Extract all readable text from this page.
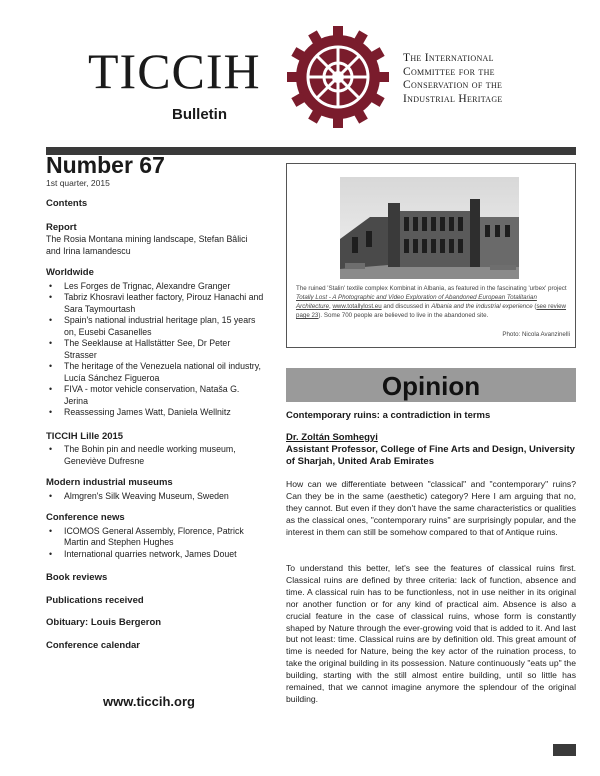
TICCIH
Bulletin
The International
Committee for the
Conservation of the
Industrial Heritage
Number 67
1st quarter, 2015
Contents
Report
The Rosia Montana mining landscape, Stefan Bâlici and Irina Iamandescu
Worldwide
• Les Forges de Trignac, Alexandre Granger
• Tabriz Khosravi leather factory, Pirouz Hanachi and Sara Taymourtash
• Spain's national industrial heritage plan, 15 years on, Eusebi Casanelles
• The Seeklause at Hallstätter See, Dr Peter Strasser
• The heritage of the Venezuela national oil industry, Lucía Sánchez Figueroa
• FIVA - motor vehicle conservation, Nataša G. Jerina
• Reassessing James Watt, Daniela Wellnitz
TICCIH Lille 2015
• The Bohin pin and needle working museum, Geneviève Dufresne
Modern industrial museums
• Almgren's Silk Weaving Museum, Sweden
Conference news
• ICOMOS General Assembly, Florence, Patrick Martin and Stephen Hughes
• International quarries network, James Douet
Book reviews
Publications received
Obituary: Louis Bergeron
Conference calendar
www.ticcih.org
The ruined 'Stalin' textile complex Kombinat in Albania, as featured in the fascinating 'urbex' project Totally Lost - A Photographic and Video Exploration of Abandoned European Totalitarian Architecture, www.totallylost.eu and discussed in Albania and the industrial experience (see review page 23). Some 700 people are believed to live in the abandoned site.
Photo: Nicola Avanzinelli
Opinion
Contemporary ruins: a contradiction in terms
Dr. Zoltán Somhegyi
Assistant Professor, College of Fine Arts and Design, University of Sharjah, United Arab Emirates
How can we differentiate between "classical" and "contemporary" ruins? Can they be in the same (aesthetic) category? Here I am arguing that no, they cannot. But even if they don't have the same characteristics or qualities as the classical ones, "contemporary ruins" are surprisingly popular, and the interest in them can still be somehow compared to that of Antique ruins.
To understand this better, let's see the features of classical ruins first. Classical ruins are defined by three criteria: lack of function, absence and time. A classical ruin has to be functionless, not in use neither in its original nor another function or for any kind of practical aim. Absence is also a crucial feature in the case of classical ruins, whose form is constantly shaped by Nature through the ever-growing void that is added to it. And last but not least: time. Classical ruins are by definition old. This great amount of time is needed for Nature, being the key actor of the ruination process, to take the original building in its possession. Nature continuously "eats up" the building, starting with the still almost entire building, until so little has remained, that we cannot imagine anymore the splendour of the original building.
